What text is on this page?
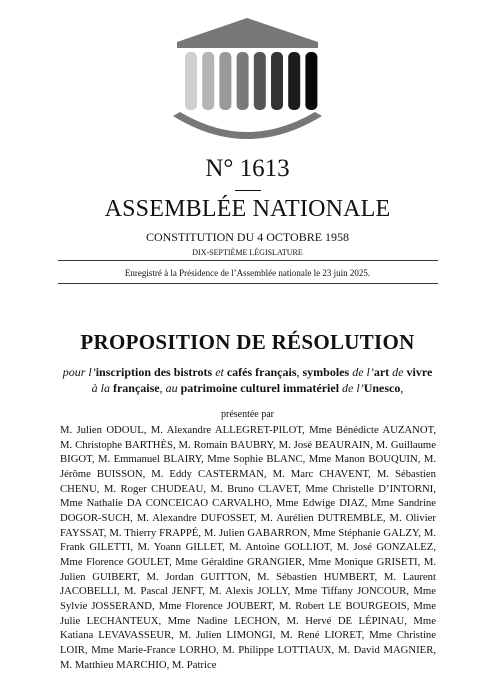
N° 1613
ASSEMBLÉE NATIONALE
CONSTITUTION DU 4 OCTOBRE 1958
DIX-SEPTIÈME LÉGISLATURE
Enregistré à la Présidence de l’Assemblée nationale le 23 juin 2025.
PROPOSITION DE RÉSOLUTION
pour l’inscription des bistrots et cafés français, symboles de l’art de vivre à la française, au patrimoine culturel immatériel de l’Unesco,
présentée par
M. Julien ODOUL, M. Alexandre ALLEGRET-PILOT, Mme Bénédicte AUZANOT, M. Christophe BARTHÈS, M. Romain BAUBRY, M. José BEAURAIN, M. Guillaume BIGOT, M. Emmanuel BLAIRY, Mme Sophie BLANC, Mme Manon BOUQUIN, M. Jérôme BUISSON, M. Eddy CASTERMAN, M. Marc CHAVENT, M. Sébastien CHENU, M. Roger CHUDEAU, M. Bruno CLAVET, Mme Christelle D’INTORNI, Mme Nathalie DA CONCEICAO CARVALHO, Mme Edwige DIAZ, Mme Sandrine DOGOR-SUCH, M. Alexandre DUFOSSET, M. Aurélien DUTREMBLE, M. Olivier FAYSSAT, M. Thierry FRAPPÉ, M. Julien GABARRON, Mme Stéphanie GALZY, M. Frank GILETTI, M. Yoann GILLET, M. Antoine GOLLIOT, M. José GONZALEZ, Mme Florence GOULET, Mme Géraldine GRANGIER, Mme Monique GRISETI, M. Julien GUIBERT, M. Jordan GUITTON, M. Sébastien HUMBERT, M. Laurent JACOBELLI, M. Pascal JENFT, M. Alexis JOLLY, Mme Tiffany JONCOUR, Mme Sylvie JOSSERAND, Mme Florence JOUBERT, M. Robert LE BOURGEOIS, Mme Julie LECHANTEUX, Mme Nadine LECHON, M. Hervé DE LÉPINAU, Mme Katiana LEVAVASSEUR, M. Julien LIMONGI, M. René LIORET, Mme Christine LOIR, Mme Marie-France LORHO, M. Philippe LOTTIAUX, M. David MAGNIER, M. Matthieu MARCHIO, M. Patrice
